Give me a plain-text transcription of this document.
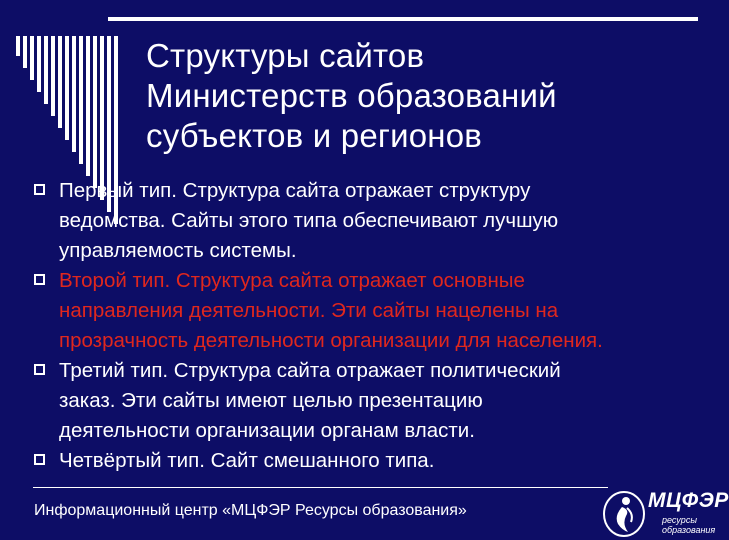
Структуры сайтов
Министерств образований
субъектов и регионов
Первый тип. Структура сайта отражает структуру
ведомства. Сайты этого типа обеспечивают лучшую
управляемость системы.
Второй тип. Структура сайта отражает основные
направления деятельности. Эти сайты нацелены на
прозрачность деятельности организации для населения.
Третий тип. Структура сайта отражает политический
заказ. Эти сайты имеют целью презентацию
деятельности организации органам власти.
Четвёртый тип. Сайт смешанного типа.
Информационный центр «МЦФЭР Ресурсы образования»	МЦФЭР
ресурсы
образования
